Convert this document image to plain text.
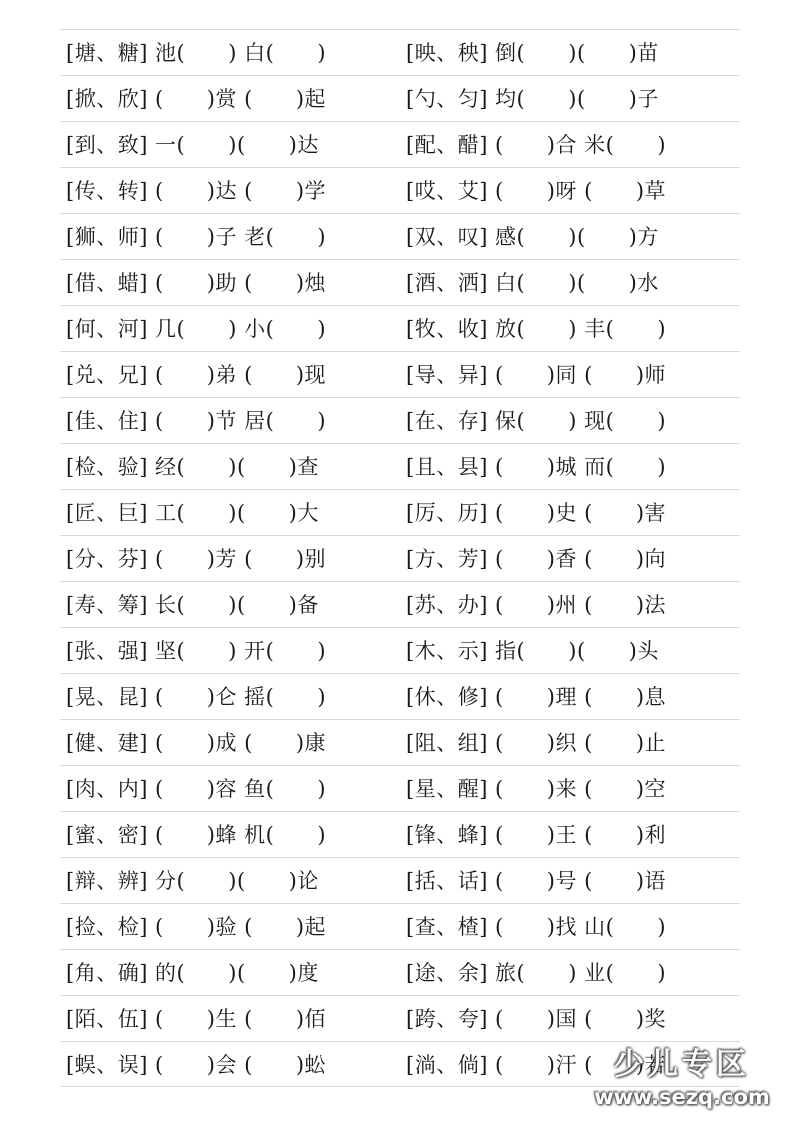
[塘、糖] 池(　　) 白(　　)	[映、秧] 倒(　　)(　　)苗
[掀、欣] (　　)赏 (　　)起	[勺、匀] 均(　　)(　　)子
[到、致] 一(　　)(　　)达	[配、醋] (　　)合 米(　　)
[传、转] (　　)达 (　　)学	[哎、艾] (　　)呀 (　　)草
[狮、师] (　　)子 老(　　)	[双、叹] 感(　　)(　　)方
[借、蜡] (　　)助 (　　)烛	[酒、洒] 白(　　)(　　)水
[何、河] 几(　　) 小(　　)	[牧、收] 放(　　) 丰(　　)
[兑、兄] (　　)弟 (　　)现	[导、异] (　　)同 (　　)师
[佳、住] (　　)节 居(　　)	[在、存] 保(　　) 现(　　)
[检、验] 经(　　)(　　)查	[且、县] (　　)城 而(　　)
[匠、巨] 工(　　)(　　)大	[厉、历] (　　)史 (　　)害
[分、芬] (　　)芳 (　　)别	[方、芳] (　　)香 (　　)向
[寿、筹] 长(　　)(　　)备	[苏、办] (　　)州 (　　)法
[张、强] 坚(　　) 开(　　)	[木、示] 指(　　)(　　)头
[晃、昆] (　　)仑 摇(　　)	[休、修] (　　)理 (　　)息
[健、建] (　　)成 (　　)康	[阻、组] (　　)织 (　　)止
[肉、内] (　　)容 鱼(　　)	[星、醒] (　　)来 (　　)空
[蜜、密] (　　)蜂 机(　　)	[锋、蜂] (　　)王 (　　)利
[辩、辨] 分(　　)(　　)论	[括、话] (　　)号 (　　)语
[捡、检] (　　)验 (　　)起	[查、楂] (　　)找 山(　　)
[角、确] 的(　　)(　　)度	[途、余] 旅(　　) 业(　　)
[陌、伍] (　　)生 (　　)佰	[跨、夸] (　　)国 (　　)奖
[蜈、误] (　　)会 (　　)蚣	[淌、倘] (　　)汗 (　　)若
少儿专区
www.sezq.com
